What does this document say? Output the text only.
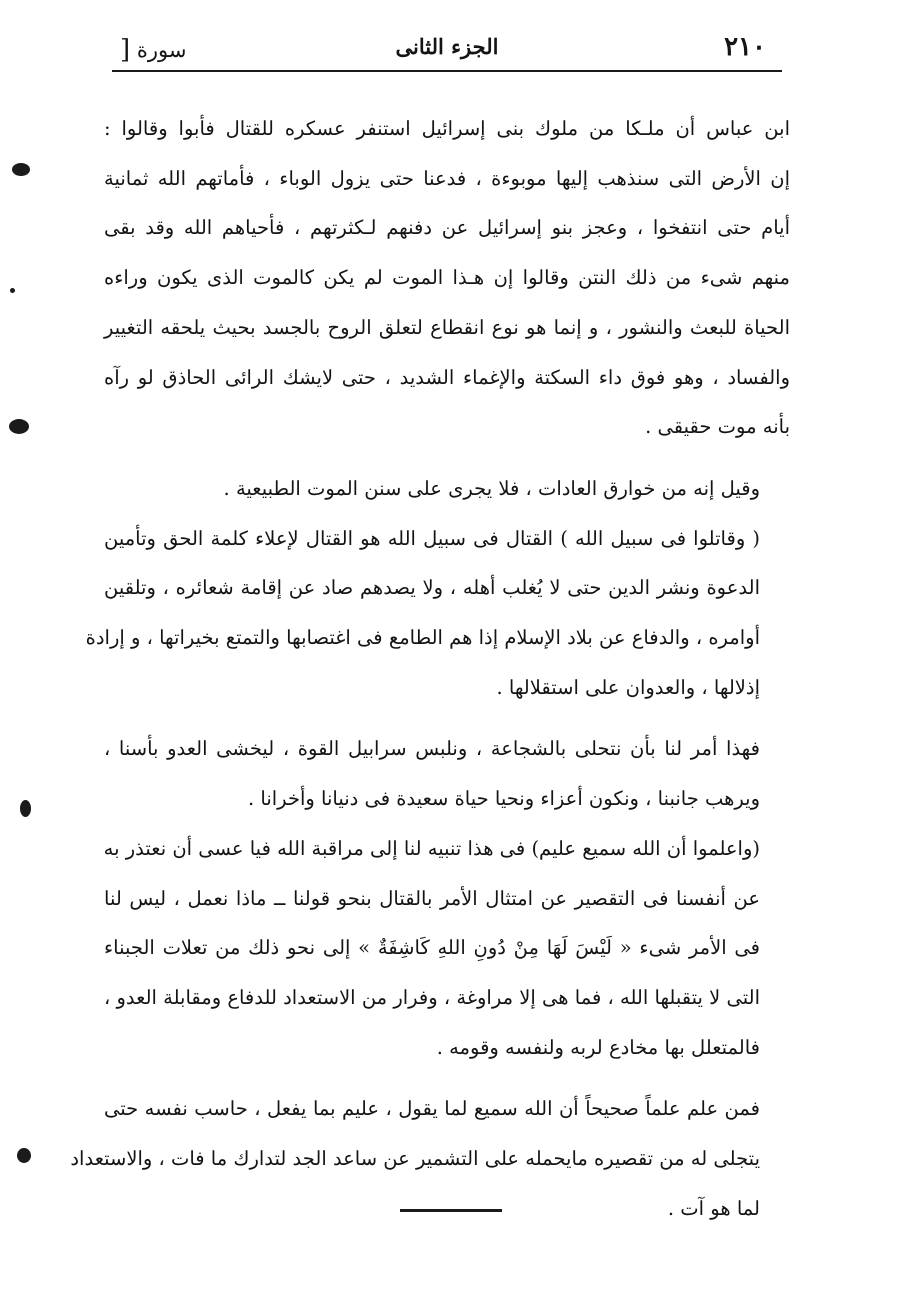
٢١٠
الجزء الثانى
سورة [
ابن عباس أن ملـكا من ملوك بنى إسرائيل استنفر عسكره للقتال فأبوا وقالوا :
إن الأرض التى سنذهب إليها موبوءة ، فدعنا حتى يزول الوباء ، فأماتهم الله ثمانية
أيام حتى انتفخوا ، وعجز بنو إسرائيل عن دفنهم لـكثرتهم ، فأحياهم الله وقد بقى
منهم شىء من ذلك النتن وقالوا إن هـذا الموت لم يكن كالموت الذى يكون وراءه
الحياة للبعث والنشور ، و إنما هو نوع انقطاع لتعلق الروح بالجسد بحيث يلحقه التغيير
والفساد ، وهو فوق داء السكتة والإغماء الشديد ، حتى لايشك الرائى الحاذق لو رآه
بأنه موت حقيقى .
وقيل إنه من خوارق العادات ، فلا يجرى على سنن الموت الطبيعية .
( وقاتلوا فى سبيل الله ) القتال فى سبيل الله هو القتال لإعلاء كلمة الحق وتأمين
الدعوة ونشر الدين حتى لا يُغلب أهله ، ولا يصدهم صاد عن إقامة شعائره ، وتلقين
أوامره ، والدفاع عن بلاد الإسلام إذا هم الطامع فى اغتصابها والتمتع بخيراتها ، و إرادة
إذلالها ، والعدوان على استقلالها .
فهذا أمر لنا بأن نتحلى بالشجاعة ، ونلبس سرابيل القوة ، ليخشى العدو بأسنا ،
ويرهب جانبنا ، ونكون أعزاء ونحيا حياة سعيدة فى دنيانا وأخرانا .
(واعلموا أن الله سميع عليم) فى هذا تنبيه لنا إلى مراقبة الله فيا عسى أن نعتذر به
عن أنفسنا فى التقصير عن امتثال الأمر بالقتال بنحو قولنا ــ ماذا نعمل ، ليس لنا
فى الأمر شىء « لَيْسَ لَهَا مِنْ دُونِ اللهِ كَاشِفَةٌ » إلى نحو ذلك من تعلات الجبناء
التى لا يتقبلها الله ، فما هى إلا مراوغة ، وفرار من الاستعداد للدفاع ومقابلة العدو ،
فالمتعلل بها مخادع لربه ولنفسه وقومه .
فمن علم علماً صحيحاً أن الله سميع لما يقول ، عليم بما يفعل ، حاسب نفسه حتى
يتجلى له من تقصيره مايحمله على التشمير عن ساعد الجد لتدارك ما فات ، والاستعداد
لما هو آت .
